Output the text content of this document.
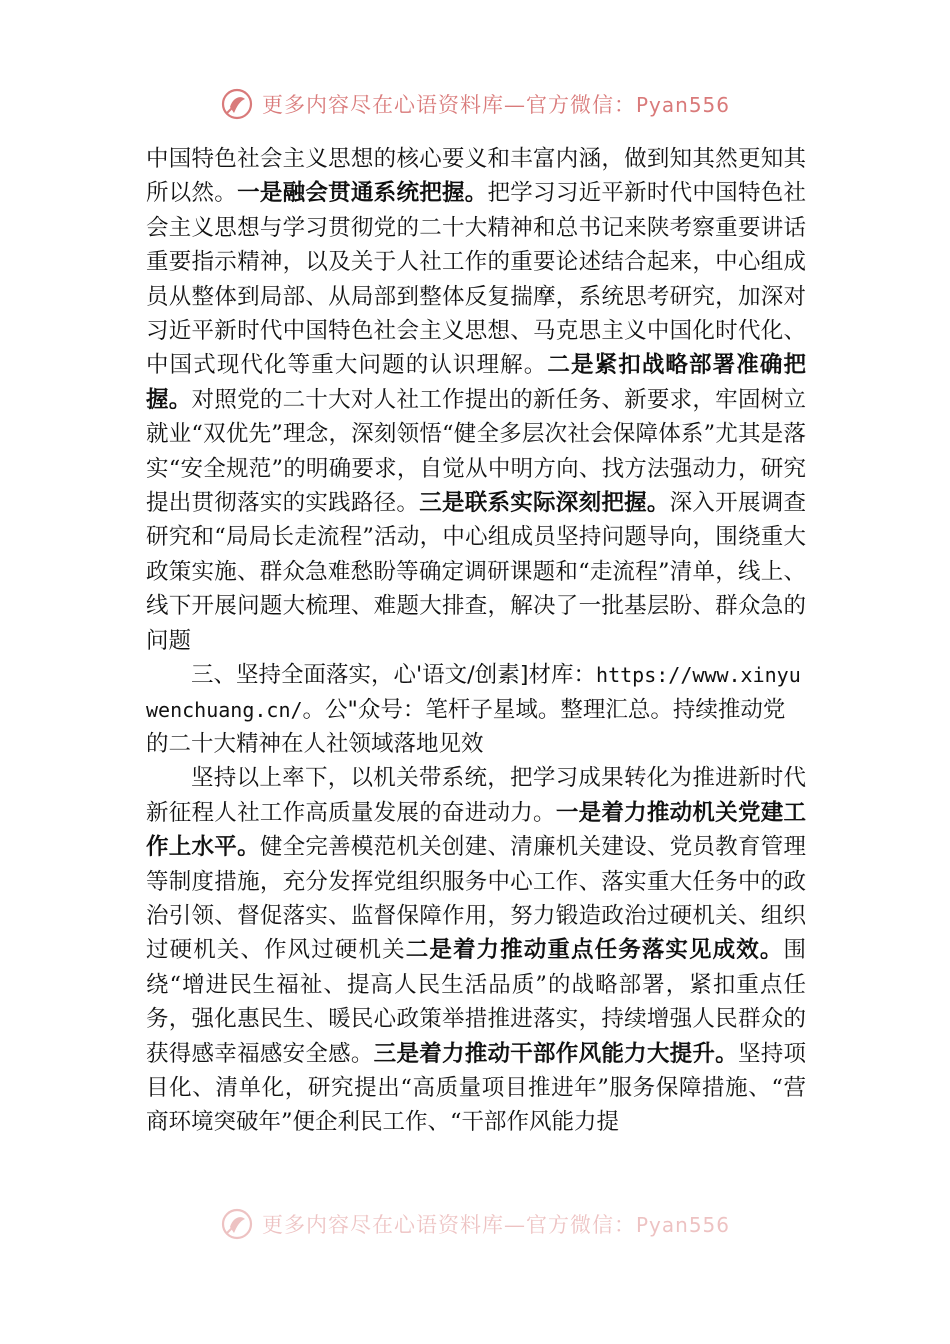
更多内容尽在心语资料库—官方微信：Pyan556

中国特色社会主义思想的核心要义和丰富内涵，做到知其然更知其所以然。一是融会贯通系统把握。把学习习近平新时代中国特色社会主义思想与学习贯彻党的二十大精神和总书记来陕考察重要讲话重要指示精神，以及关于人社工作的重要论述结合起来，中心组成员从整体到局部、从局部到整体反复揣摩，系统思考研究，加深对习近平新时代中国特色社会主义思想、马克思主义中国化时代化、中国式现代化等重大问题的认识理解。二是紧扣战略部署准确把握。对照党的二十大对人社工作提出的新任务、新要求，牢固树立就业“双优先”理念，深刻领悟“健全多层次社会保障体系”尤其是落实“安全规范”的明确要求，自觉从中明方向、找方法强动力，研究提出贯彻落实的实践路径。三是联系实际深刻把握。深入开展调查研究和“局局长走流程”活动，中心组成员坚持问题导向，围绕重大政策实施、群众急难愁盼等确定调研课题和“走流程”清单，线上、线下开展问题大梳理、难题大排查，解决了一批基层盼、群众急的问题

三、坚持全面落实，心'语文/创素]材库：https://www.xinyuwenchuang.cn/。公"众号：笔杆子星域。整理汇总。持续推动党的二十大精神在人社领域落地见效

坚持以上率下，以机关带系统，把学习成果转化为推进新时代新征程人社工作高质量发展的奋进动力。一是着力推动机关党建工作上水平。健全完善模范机关创建、清廉机关建设、党员教育管理等制度措施，充分发挥党组织服务中心工作、落实重大任务中的政治引领、督促落实、监督保障作用，努力锻造政治过硬机关、组织过硬机关、作风过硬机关二是着力推动重点任务落实见成效。围绕“增进民生福祉、提高人民生活品质”的战略部署，紧扣重点任务，强化惠民生、暖民心政策举措推进落实，持续增强人民群众的获得感幸福感安全感。三是着力推动干部作风能力大提升。坚持项目化、清单化，研究提出“高质量项目推进年”服务保障措施、“营商环境突破年”便企利民工作、“干部作风能力提

更多内容尽在心语资料库—官方微信：Pyan556
